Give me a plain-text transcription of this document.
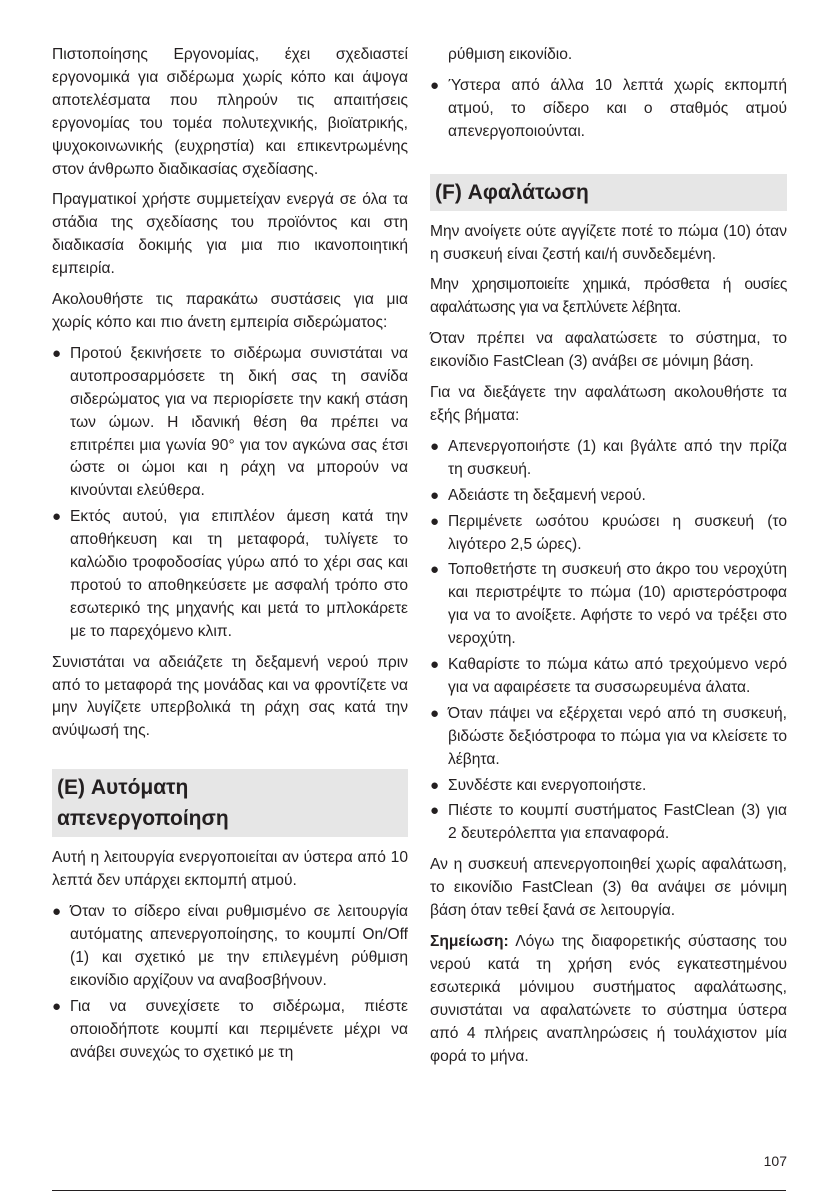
Πιστοποίησης Εργονομίας, έχει σχεδιαστεί εργονομικά για σιδέρωμα χωρίς κόπο και άψογα αποτελέσματα που πληρούν τις απαιτήσεις εργονομίας του τομέα πολυτεχνικής, βιοϊατρικής, ψυχοκοινωνικής (ευχρηστία) και επικεντρωμένης στον άνθρωπο διαδικασίας σχεδίασης.

Πραγματικοί χρήστε συμμετείχαν ενεργά σε όλα τα στάδια της σχεδίασης του προϊόντος και στη διαδικασία δοκιμής για μια πιο ικανοποιητική εμπειρία.

Ακολουθήστε τις παρακάτω συστάσεις για μια χωρίς κόπο και πιο άνετη εμπειρία σιδερώματος:

● Προτού ξεκινήσετε το σιδέρωμα συνιστάται να αυτοπροσαρμόσετε τη δική σας τη σανίδα σιδερώματος για να περιορίσετε την κακή στάση των ώμων. Η ιδανική θέση θα πρέπει να επιτρέπει μια γωνία 90° για τον αγκώνα σας έτσι ώστε οι ώμοι και η ράχη να μπορούν να κινούνται ελεύθερα.
● Εκτός αυτού, για επιπλέον άμεση κατά την αποθήκευση και τη μεταφορά, τυλίγετε το καλώδιο τροφοδοσίας γύρω από το χέρι σας και προτού το αποθηκεύσετε με ασφαλή τρόπο στο εσωτερικό της μηχανής και μετά το μπλοκάρετε με το παρεχόμενο κλιπ.

Συνιστάται να αδειάζετε τη δεξαμενή νερού πριν από το μεταφορά της μονάδας και να φροντίζετε να μην λυγίζετε υπερβολικά τη ράχη σας κατά την ανύψωσή της.

(E) Αυτόματη
απενεργοποίηση

Αυτή η λειτουργία ενεργοποιείται αν ύστερα από 10 λεπτά δεν υπάρχει εκπομπή ατμού.

● Όταν το σίδερο είναι ρυθμισμένο σε λειτουργία αυτόματης απενεργοποίησης, το κουμπί On/Off (1) και σχετικό με την επιλεγμένη ρύθμιση εικονίδιο αρχίζουν να αναβοσβήνουν.
● Για να συνεχίσετε το σιδέρωμα, πιέστε οποιοδήποτε κουμπί και περιμένετε μέχρι να ανάβει συνεχώς το σχετικό με τη

ρύθμιση εικονίδιο.

● Ύστερα από άλλα 10 λεπτά χωρίς εκπομπή ατμού, το σίδερο και ο σταθμός ατμού απενεργοποιούνται.
(F) Αφαλάτωση

Μην ανοίγετε ούτε αγγίζετε ποτέ το πώμα (10) όταν η συσκευή είναι ζεστή και/ή συνδεδεμένη.

Μην χρησιμοποιείτε χημικά, πρόσθετα ή ουσίες αφαλάτωσης για να ξεπλύνετε λέβητα.

Όταν πρέπει να αφαλατώσετε το σύστημα, το εικονίδιο FastClean (3) ανάβει σε μόνιμη βάση.

Για να διεξάγετε την αφαλάτωση ακολουθήστε τα εξής βήματα:

● Απενεργοποιήστε (1) και βγάλτε από την πρίζα τη συσκευή.
● Αδειάστε τη δεξαμενή νερού.
● Περιμένετε ωσότου κρυώσει η συσκευή (το λιγότερο 2,5 ώρες).
● Τοποθετήστε τη συσκευή στο άκρο του νεροχύτη και περιστρέψτε το πώμα (10) αριστερόστροφα για να το ανοίξετε. Αφήστε το νερό να τρέξει στο νεροχύτη.
● Καθαρίστε το πώμα κάτω από τρεχούμενο νερό για να αφαιρέσετε τα συσσωρευμένα άλατα.
● Όταν πάψει να εξέρχεται νερό από τη συσκευή, βιδώστε δεξιόστροφα το πώμα για να κλείσετε το λέβητα.
● Συνδέστε και ενεργοποιήστε.
● Πιέστε το κουμπί συστήματος FastClean (3) για 2 δευτερόλεπτα για επαναφορά.

Αν η συσκευή απενεργοποιηθεί χωρίς αφαλάτωση, το εικονίδιο FastClean (3) θα ανάψει σε μόνιμη βάση όταν τεθεί ξανά σε λειτουργία.

Σημείωση: Λόγω της διαφορετικής σύστασης του νερού κατά τη χρήση ενός εγκατεστημένου εσωτερικά μόνιμου συστήματος αφαλάτωσης, συνιστάται να αφαλατώνετε το σύστημα ύστερα από 4 πλήρεις αναπληρώσεις ή τουλάχιστον μία φορά το μήνα.

107
